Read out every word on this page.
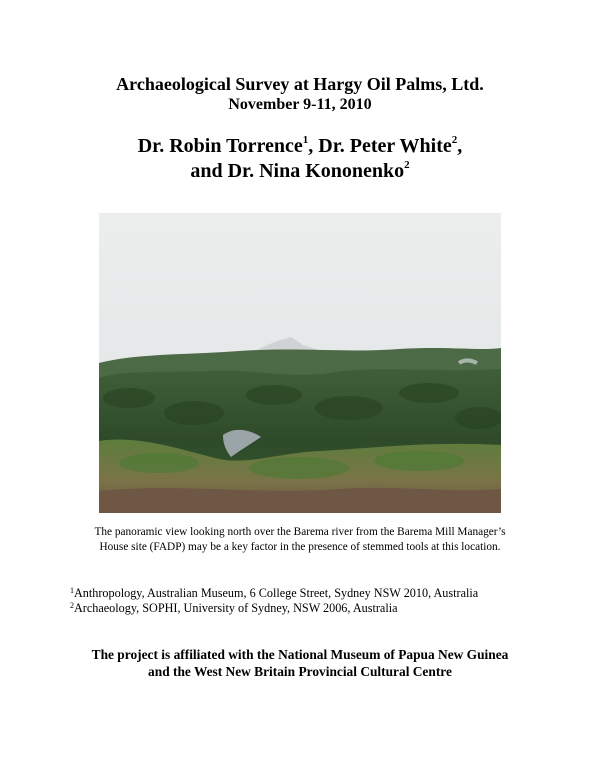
Archaeological Survey at Hargy Oil Palms, Ltd.
November 9-11, 2010
Dr. Robin Torrence$^1$, Dr. Peter White$^2$,
and Dr. Nina Kononenko$^2$
The panoramic view looking north over the Barema river from the Barema Mill Manager’s
House site (FADP) may be a key factor in the presence of stemmed tools at this location.
$^1$Anthropology, Australian Museum, 6 College Street, Sydney NSW 2010, Australia
$^2$Archaeology, SOPHI, University of Sydney, NSW 2006, Australia
The project is affiliated with the National Museum of Papua New Guinea
and the West New Britain Provincial Cultural Centre
